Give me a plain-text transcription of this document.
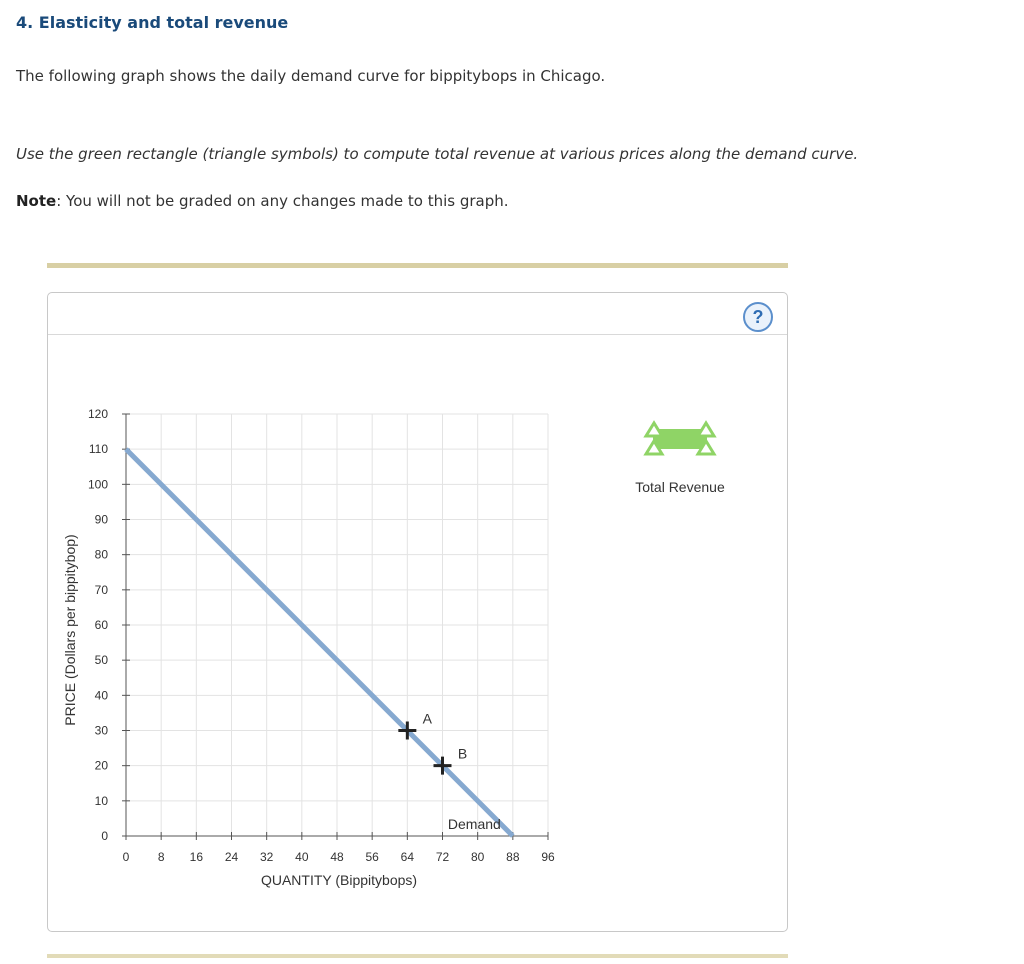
4. Elasticity and total revenue
The following graph shows the daily demand curve for bippitybops in Chicago.
Use the green rectangle (triangle symbols) to compute total revenue at various prices along the demand curve.
Note: You will not be graded on any changes made to this graph.
?
0
10
20
30
40
50
60
70
80
90
100
110
120
0 8 16 24 32 40 48 56 64 72 80 88 96
QUANTITY (Bippitybops)
PRICE (Dollars per bippitybop)
Demand
A
B
Total Revenue
